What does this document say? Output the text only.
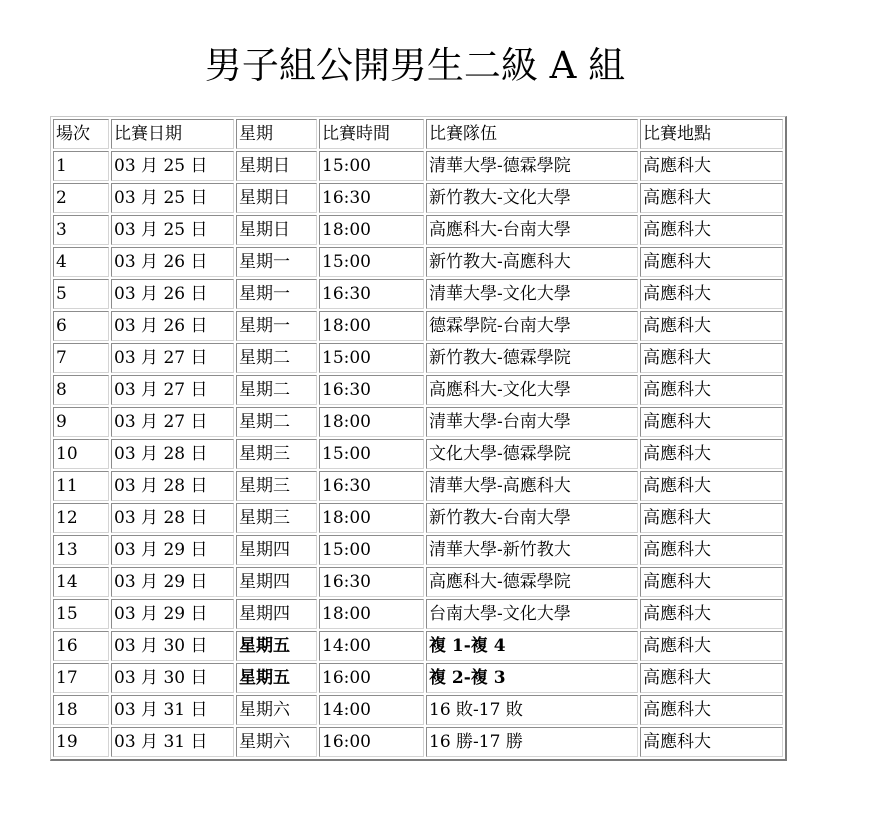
男子組公開男生二級 A 組
場次	比賽日期	星期	比賽時間	比賽隊伍	比賽地點
1	03 月 25 日	星期日	15:00	清華大學-德霖學院	高應科大
2	03 月 25 日	星期日	16:30	新竹教大-文化大學	高應科大
3	03 月 25 日	星期日	18:00	高應科大-台南大學	高應科大
4	03 月 26 日	星期一	15:00	新竹教大-高應科大	高應科大
5	03 月 26 日	星期一	16:30	清華大學-文化大學	高應科大
6	03 月 26 日	星期一	18:00	德霖學院-台南大學	高應科大
7	03 月 27 日	星期二	15:00	新竹教大-德霖學院	高應科大
8	03 月 27 日	星期二	16:30	高應科大-文化大學	高應科大
9	03 月 27 日	星期二	18:00	清華大學-台南大學	高應科大
10	03 月 28 日	星期三	15:00	文化大學-德霖學院	高應科大
11	03 月 28 日	星期三	16:30	清華大學-高應科大	高應科大
12	03 月 28 日	星期三	18:00	新竹教大-台南大學	高應科大
13	03 月 29 日	星期四	15:00	清華大學-新竹教大	高應科大
14	03 月 29 日	星期四	16:30	高應科大-德霖學院	高應科大
15	03 月 29 日	星期四	18:00	台南大學-文化大學	高應科大
16	03 月 30 日	星期五	14:00	複 1-複 4	高應科大
17	03 月 30 日	星期五	16:00	複 2-複 3	高應科大
18	03 月 31 日	星期六	14:00	16 敗-17 敗	高應科大
19	03 月 31 日	星期六	16:00	16 勝-17 勝	高應科大
